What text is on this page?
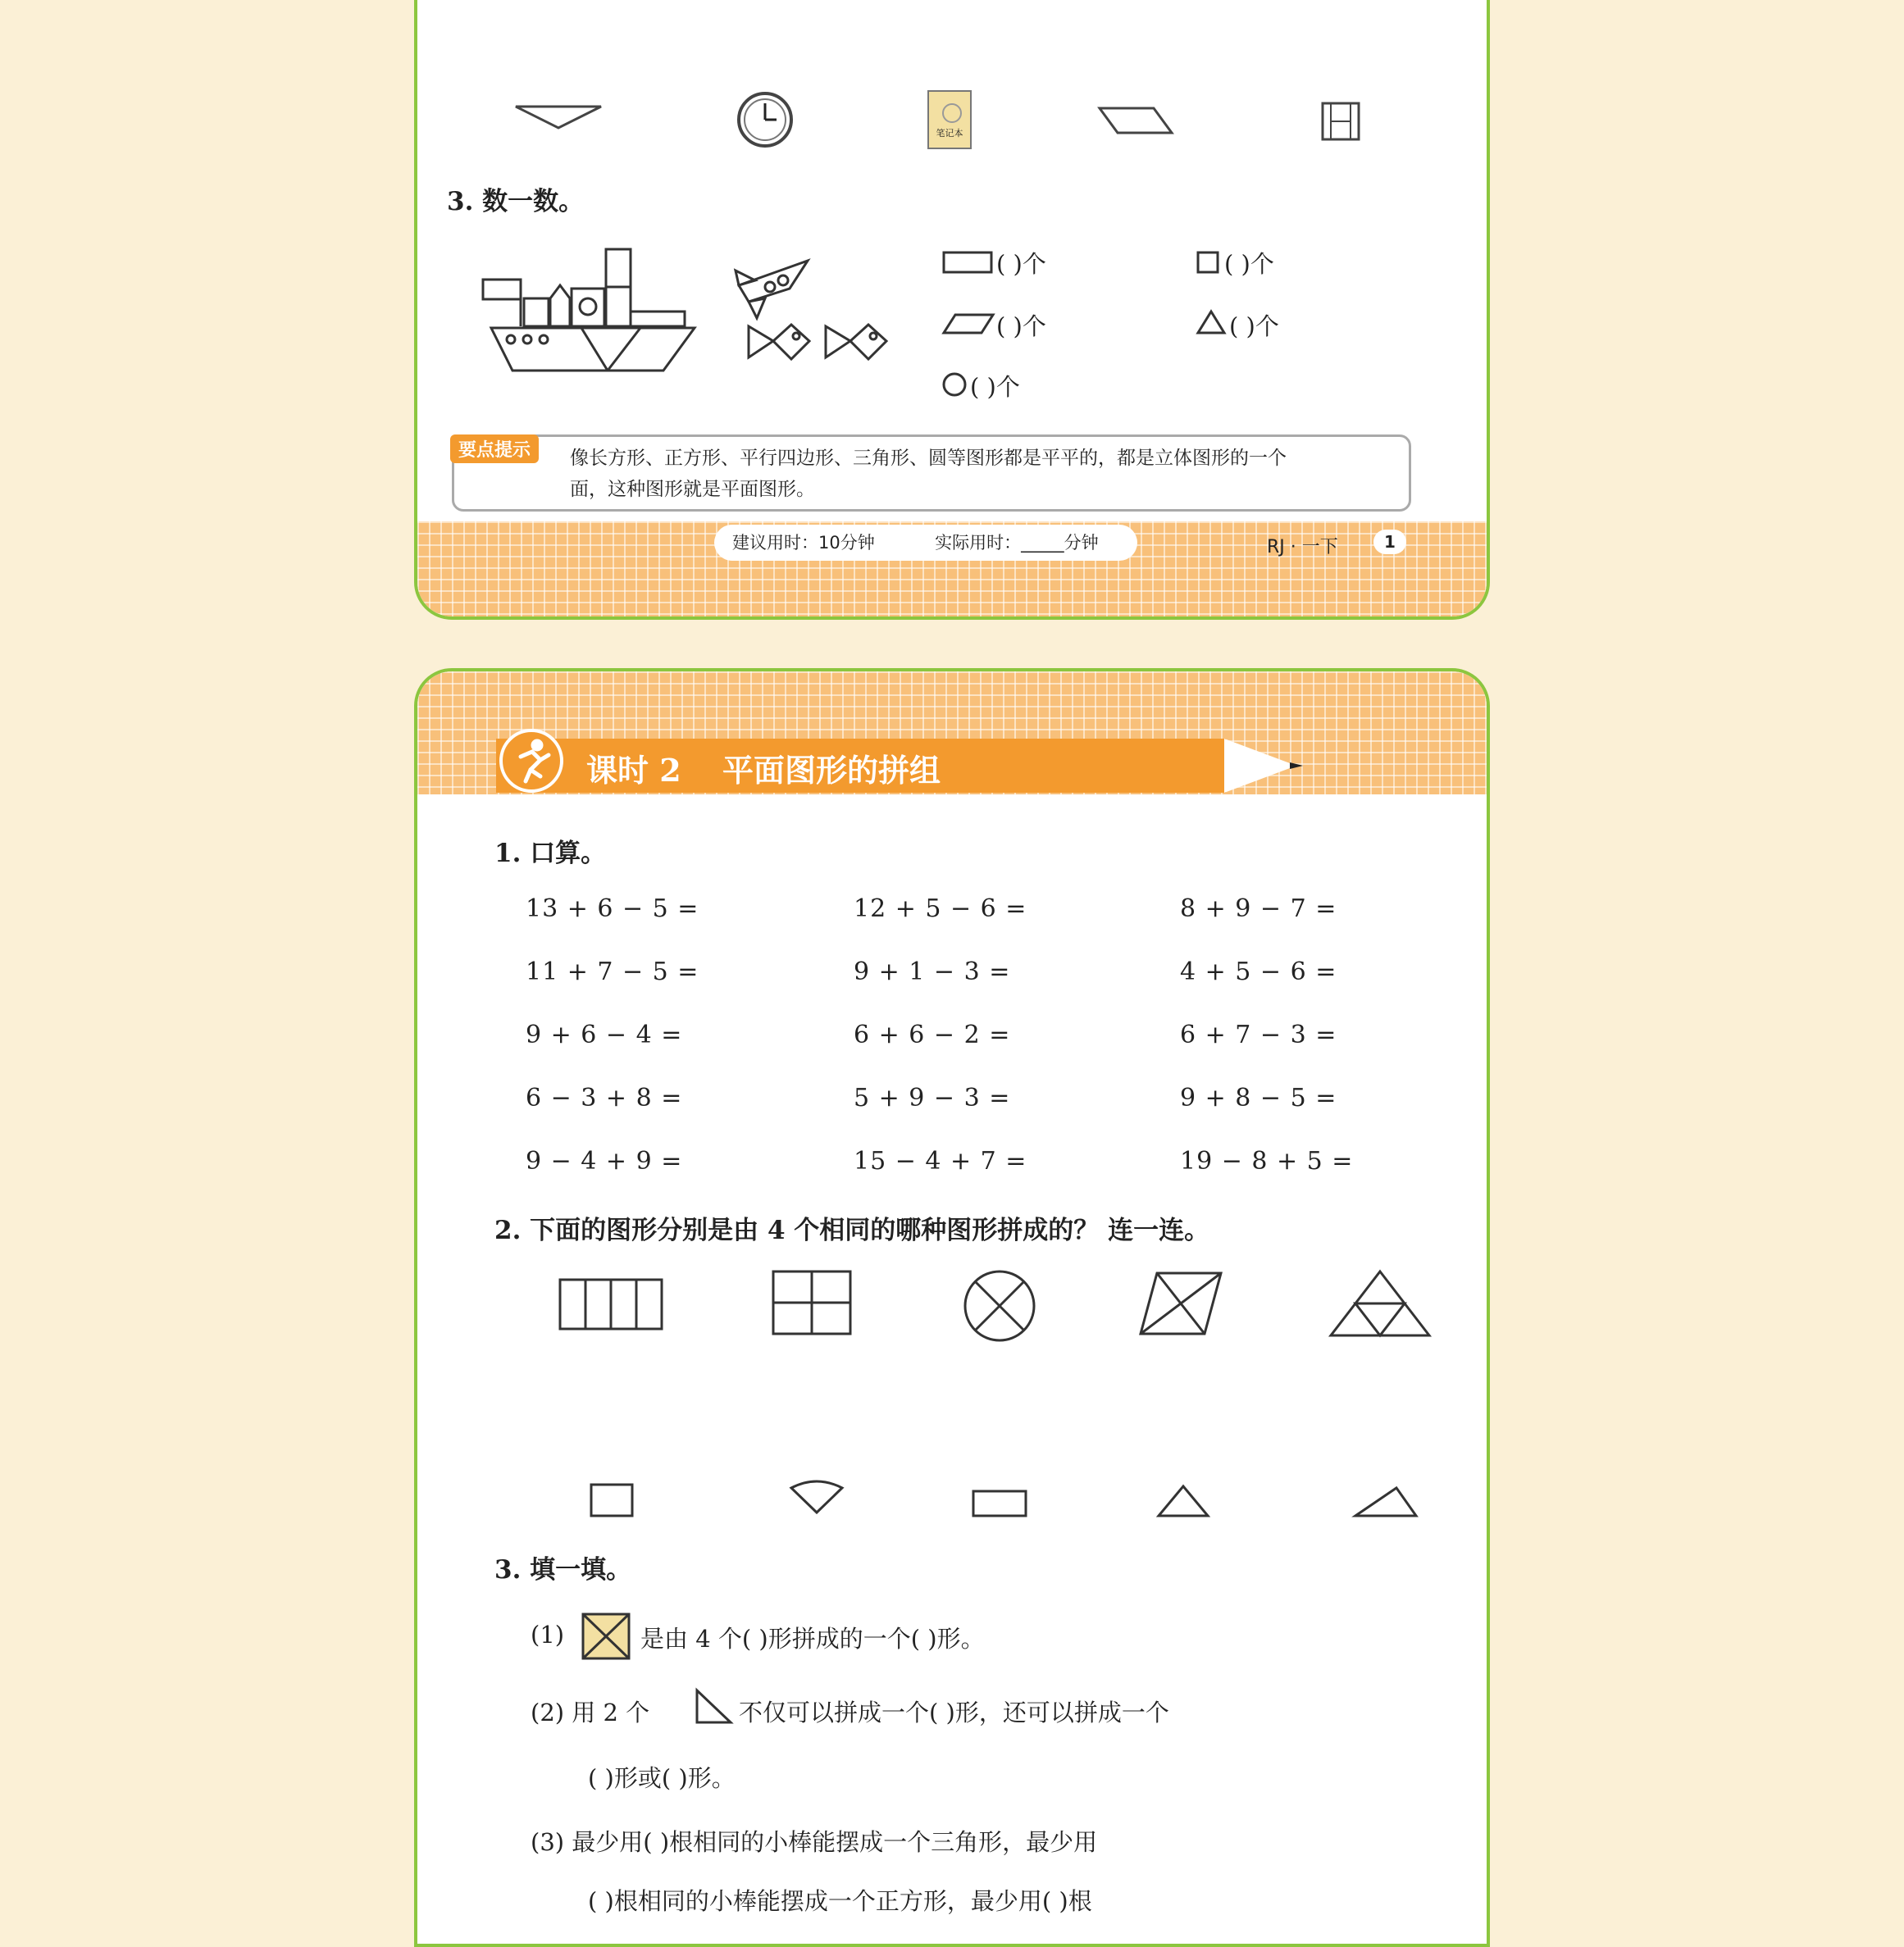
笔记本
3. 数一数。
( )个	( )个
( )个	( )个
( )个
要点提示	像长方形、正方形、平行四边形、三角形、圆等图形都是平平的，都是立体图形的一个
面，这种图形就是平面图形。
建议用时：10分钟	实际用时：_____分钟	RJ · 一下	1
课时 2 平面图形的拼组
1. 口算。
13 + 6 − 5 =	12 + 5 − 6 =	8 + 9 − 7 =
11 + 7 − 5 =	9 + 1 − 3 =	4 + 5 − 6 =
9 + 6 − 4 =	6 + 6 − 2 =	6 + 7 − 3 =
6 − 3 + 8 =	5 + 9 − 3 =	9 + 8 − 5 =
9 − 4 + 9 =	15 − 4 + 7 =	19 − 8 + 5 =
2. 下面的图形分别是由 4 个相同的哪种图形拼成的？ 连一连。
3. 填一填。
(1)	是由 4 个( )形拼成的一个( )形。
(2) 用 2 个	不仅可以拼成一个( )形，还可以拼成一个
( )形或( )形。
(3) 最少用( )根相同的小棒能摆成一个三角形，最少用
( )根相同的小棒能摆成一个正方形，最少用( )根
